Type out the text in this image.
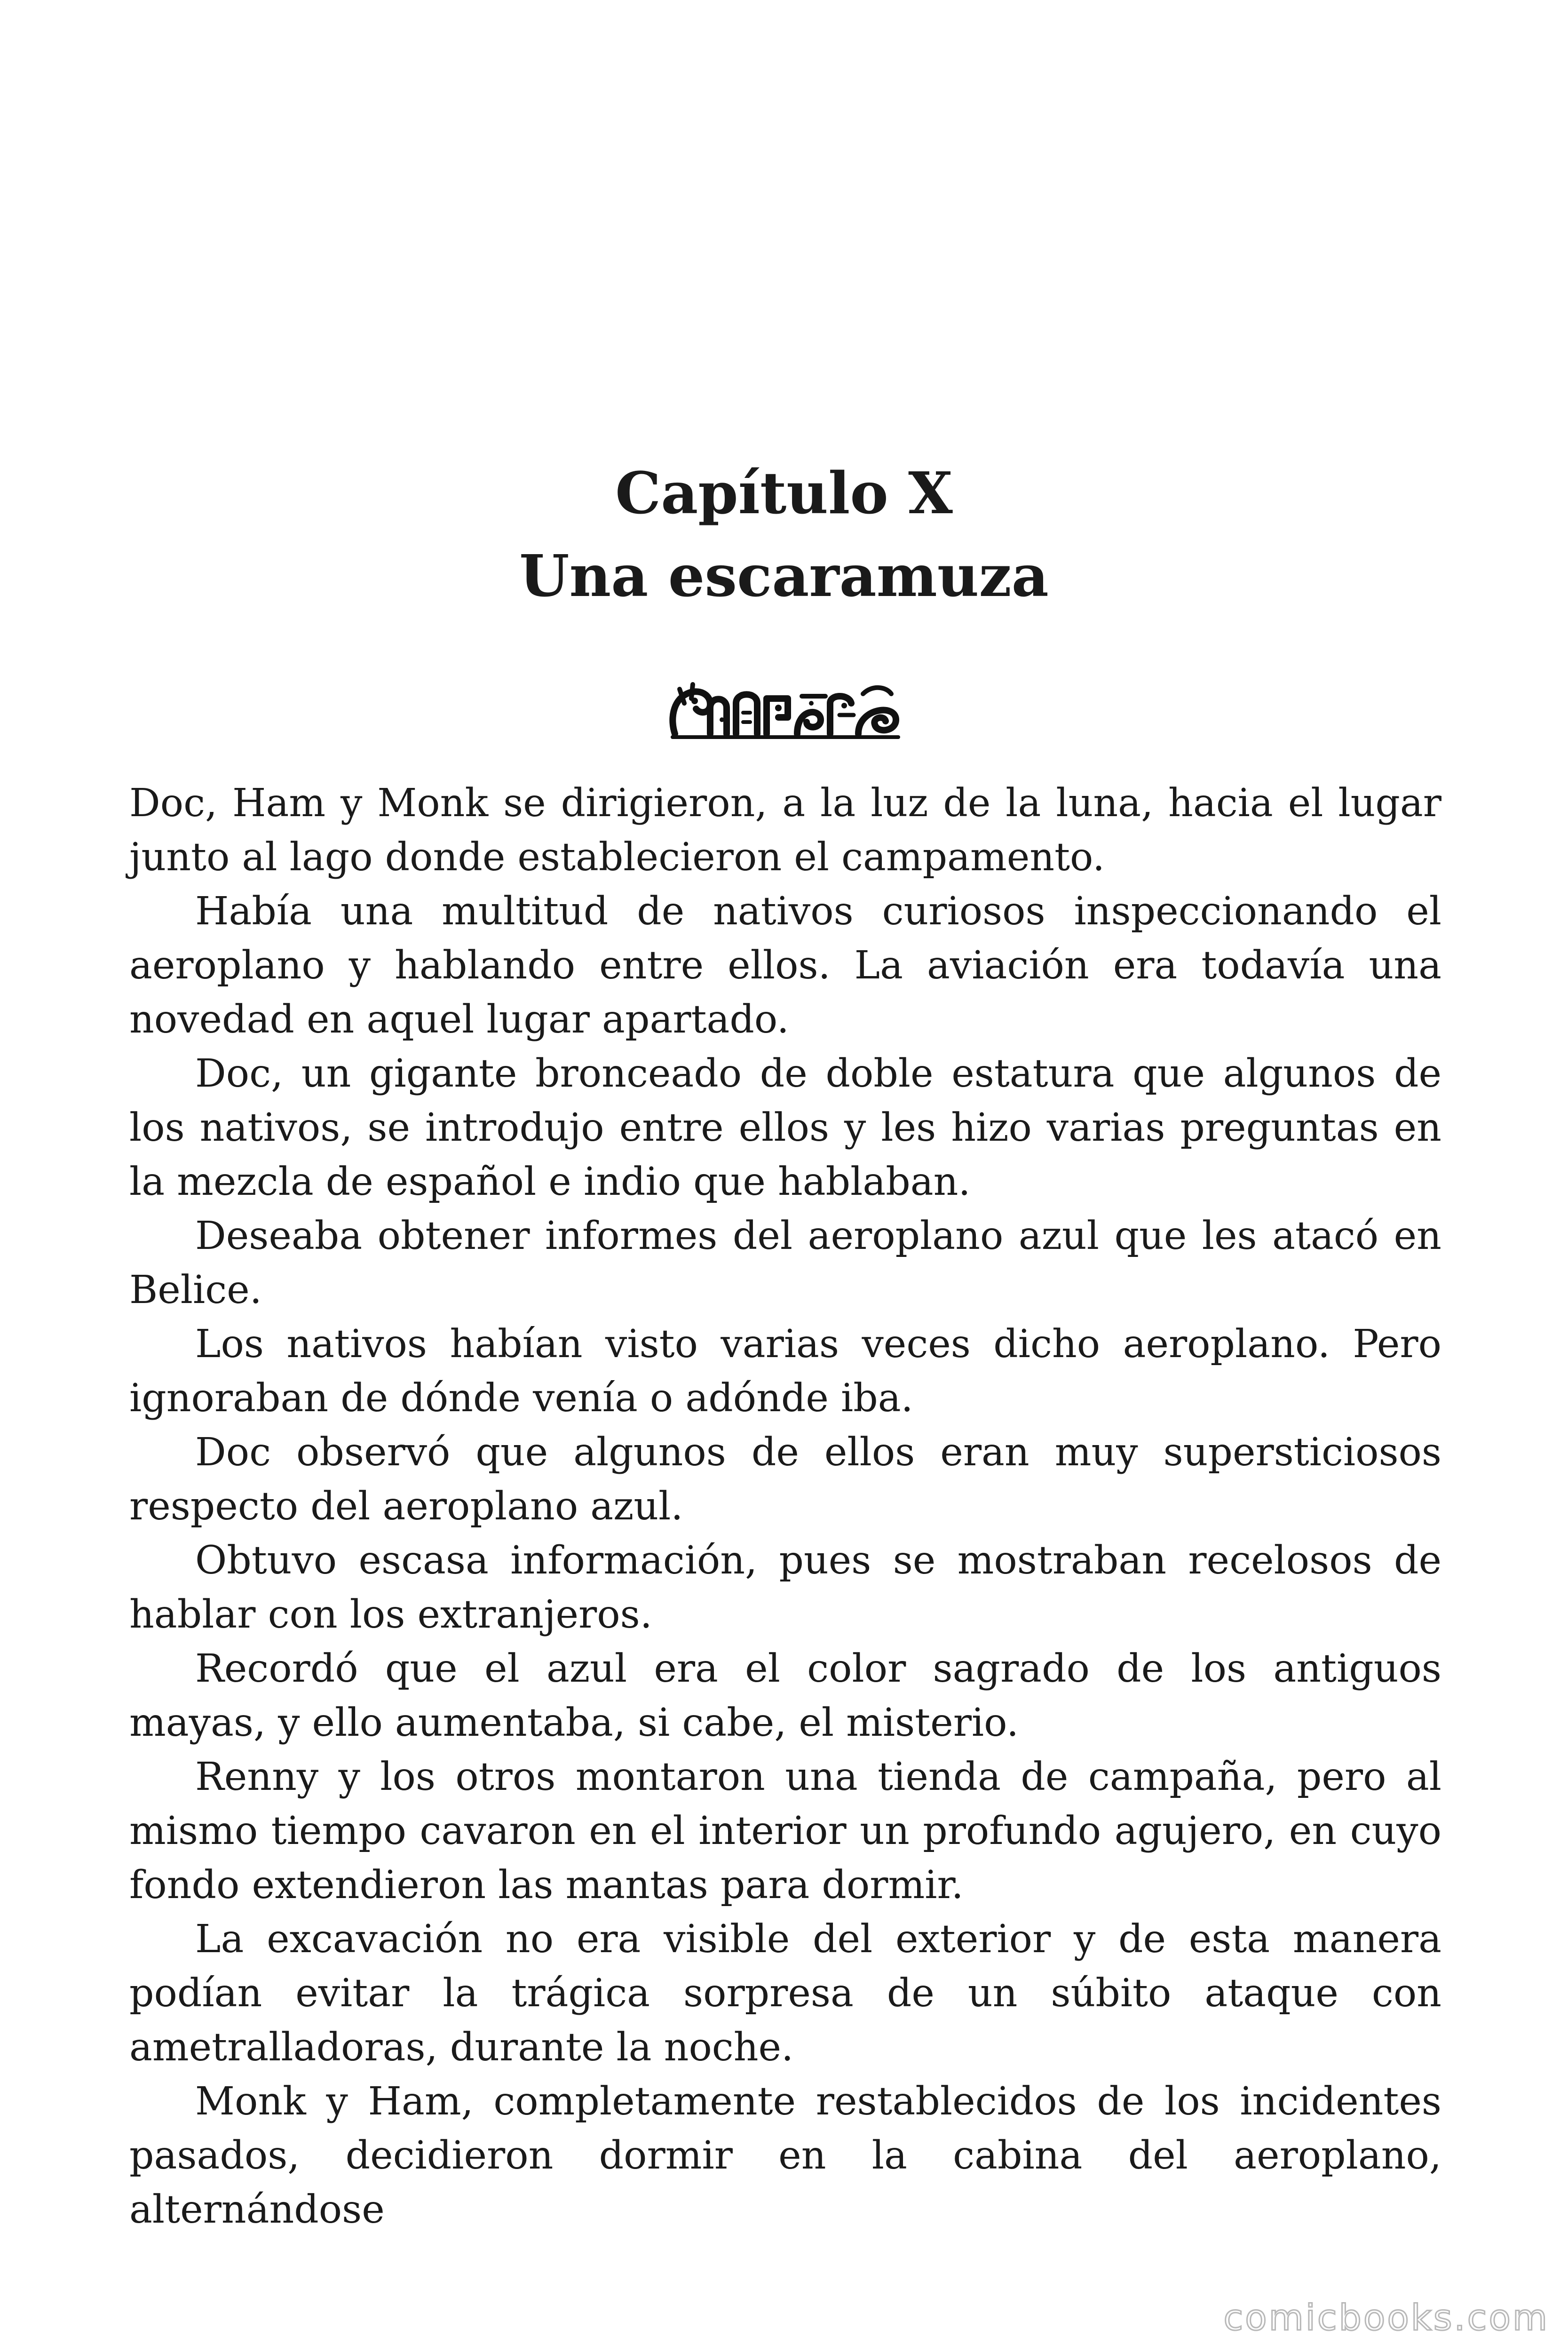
Capítulo X
Una escaramuza

Doc, Ham y Monk se dirigieron, a la luz de la luna, hacia el lugar junto al lago donde establecieron el campamento.

Había una multitud de nativos curiosos inspeccionando el aeroplano y hablando entre ellos. La aviación era todavía una novedad en aquel lugar apartado.

Doc, un gigante bronceado de doble estatura que algunos de los nativos, se introdujo entre ellos y les hizo varias preguntas en la mezcla de español e indio que hablaban.

Deseaba obtener informes del aeroplano azul que les atacó en Belice.

Los nativos habían visto varias veces dicho aeroplano. Pero ignoraban de dónde venía o adónde iba.

Doc observó que algunos de ellos eran muy supersticiosos respecto del aeroplano azul.

Obtuvo escasa información, pues se mostraban recelosos de hablar con los extranjeros.

Recordó que el azul era el color sagrado de los antiguos mayas, y ello aumentaba, si cabe, el misterio.

Renny y los otros montaron una tienda de campaña, pero al mismo tiempo cavaron en el interior un profundo agujero, en cuyo fondo extendieron las mantas para dormir.

La excavación no era visible del exterior y de esta manera podían evitar la trágica sorpresa de un súbito ataque con ametralladoras, durante la noche.

Monk y Ham, completamente restablecidos de los incidentes pasados, decidieron dormir en la cabina del aeroplano, alternándose

comicbooks.com
